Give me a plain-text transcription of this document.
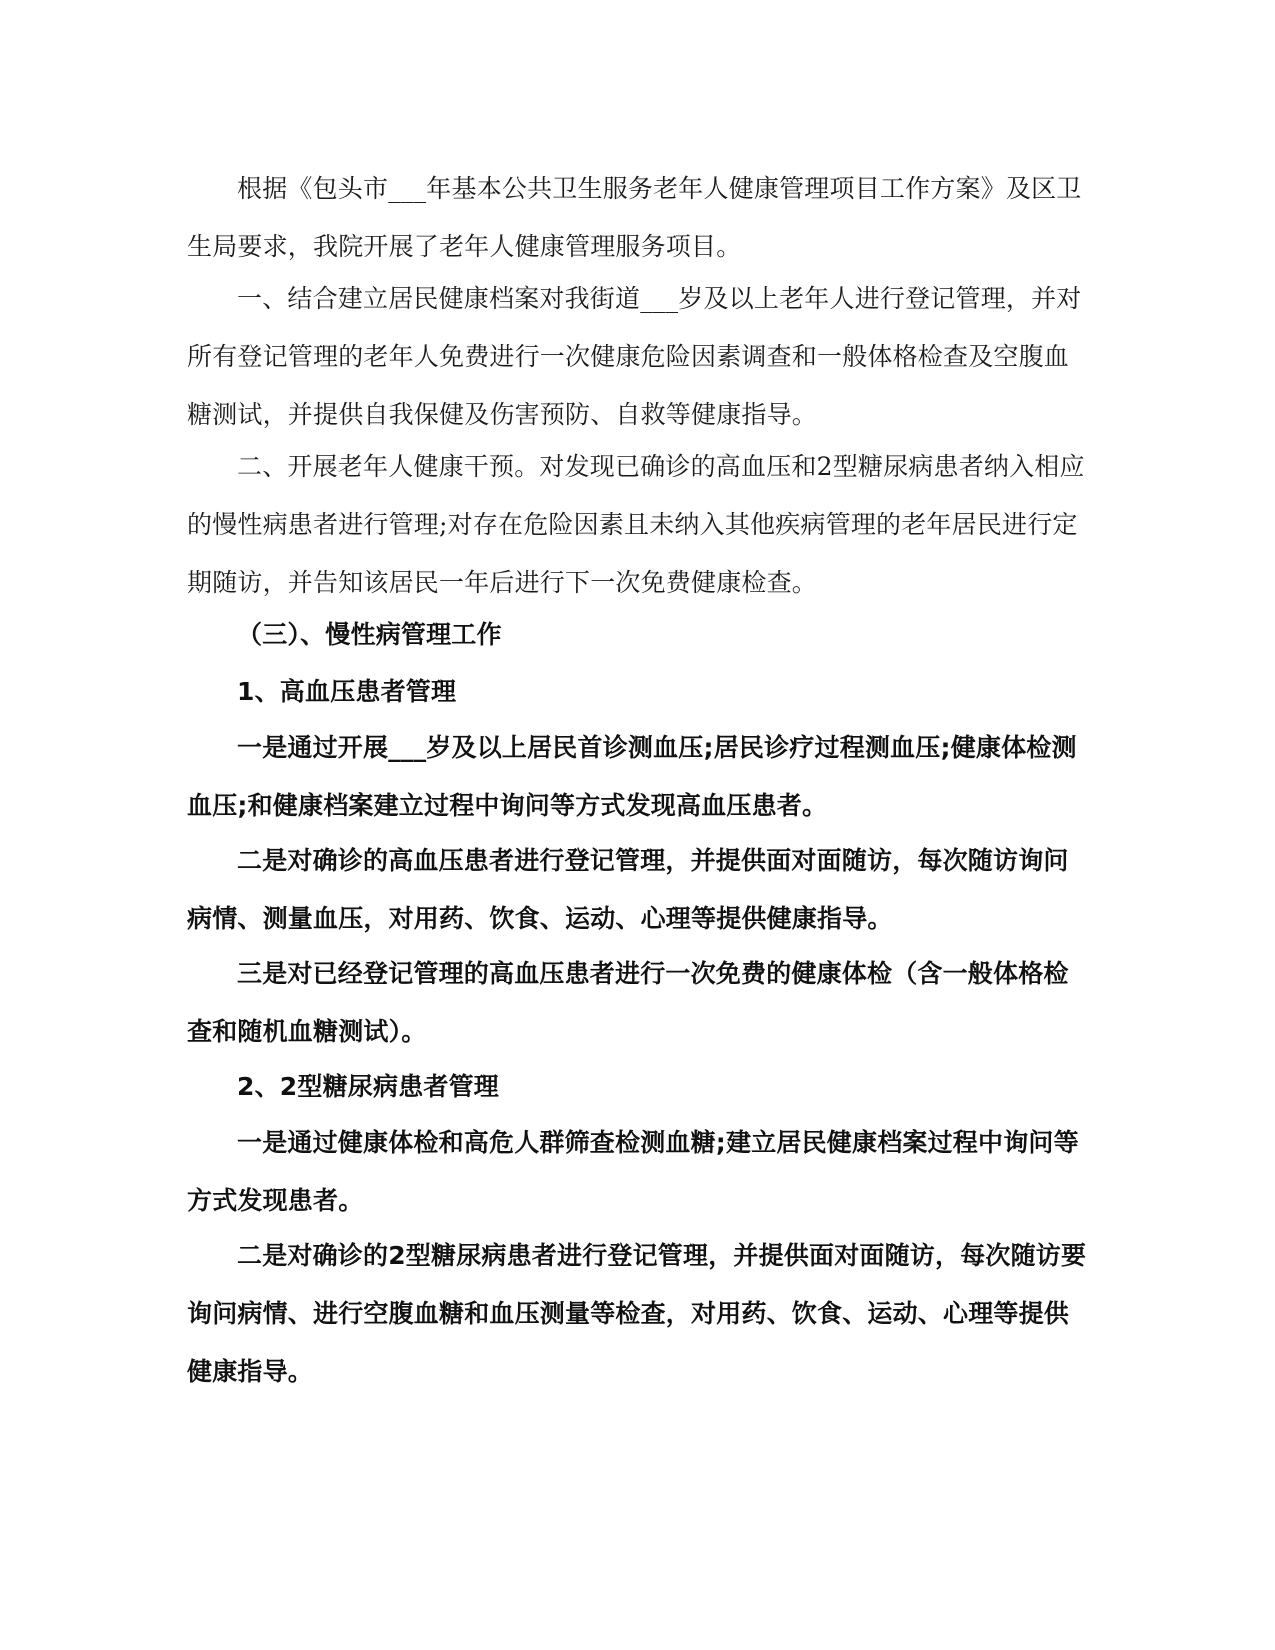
根据《包头市___年基本公共卫生服务老年人健康管理项目工作方案》及区卫生局要求，我院开展了老年人健康管理服务项目。

一、结合建立居民健康档案对我街道___岁及以上老年人进行登记管理，并对所有登记管理的老年人免费进行一次健康危险因素调查和一般体格检查及空腹血糖测试，并提供自我保健及伤害预防、自救等健康指导。

二、开展老年人健康干预。对发现已确诊的高血压和2型糖尿病患者纳入相应的慢性病患者进行管理;对存在危险因素且未纳入其他疾病管理的老年居民进行定期随访，并告知该居民一年后进行下一次免费健康检查。

（三）、慢性病管理工作

1、高血压患者管理

一是通过开展___岁及以上居民首诊测血压;居民诊疗过程测血压;健康体检测血压;和健康档案建立过程中询问等方式发现高血压患者。

二是对确诊的高血压患者进行登记管理，并提供面对面随访，每次随访询问病情、测量血压，对用药、饮食、运动、心理等提供健康指导。

三是对已经登记管理的高血压患者进行一次免费的健康体检（含一般体格检查和随机血糖测试）。

2、2型糖尿病患者管理

一是通过健康体检和高危人群筛查检测血糖;建立居民健康档案过程中询问等方式发现患者。

二是对确诊的2型糖尿病患者进行登记管理，并提供面对面随访，每次随访要询问病情、进行空腹血糖和血压测量等检查，对用药、饮食、运动、心理等提供健康指导。
